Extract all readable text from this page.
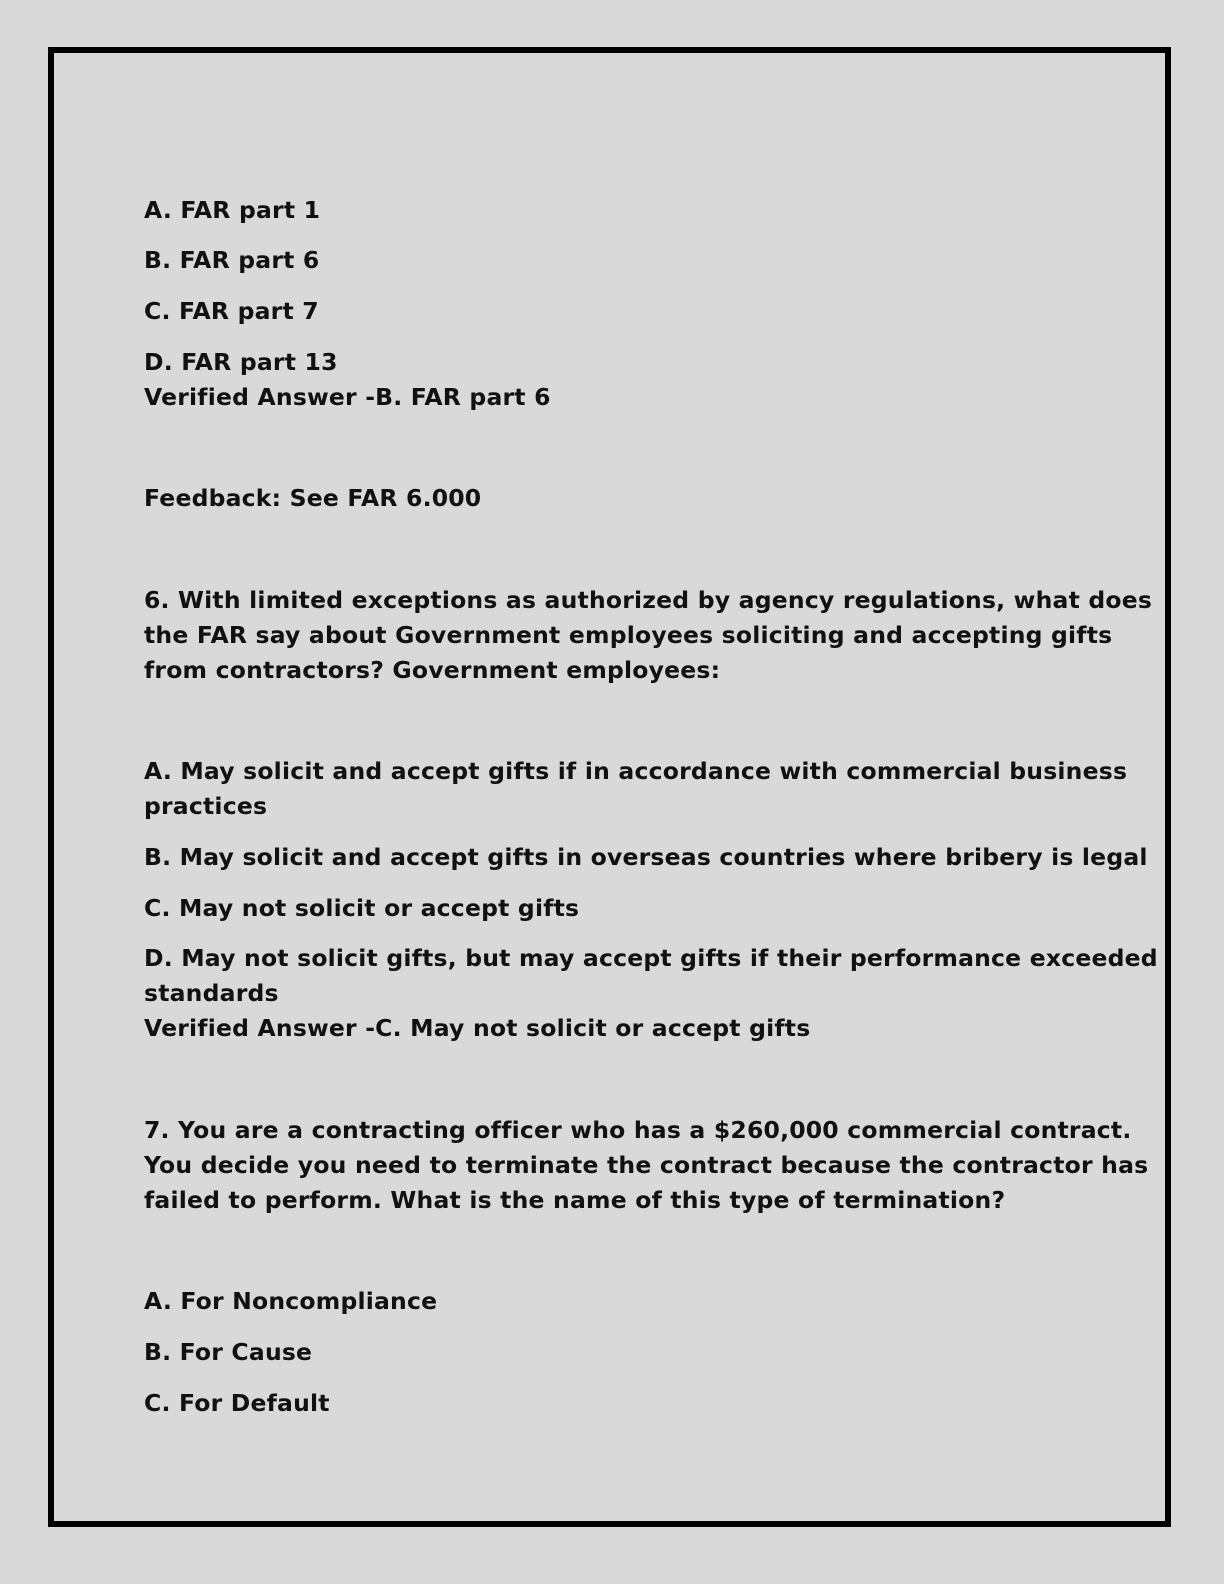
A. FAR part 1
B. FAR part 6
C. FAR part 7
D. FAR part 13
Verified Answer -B. FAR part 6
Feedback: See FAR 6.000
6. With limited exceptions as authorized by agency regulations, what does
the FAR say about Government employees soliciting and accepting gifts
from contractors? Government employees:
A. May solicit and accept gifts if in accordance with commercial business
practices
B. May solicit and accept gifts in overseas countries where bribery is legal
C. May not solicit or accept gifts
D. May not solicit gifts, but may accept gifts if their performance exceeded
standards
Verified Answer -C. May not solicit or accept gifts
7. You are a contracting officer who has a $260,000 commercial contract.
You decide you need to terminate the contract because the contractor has
failed to perform. What is the name of this type of termination?
A. For Noncompliance
B. For Cause
C. For Default
